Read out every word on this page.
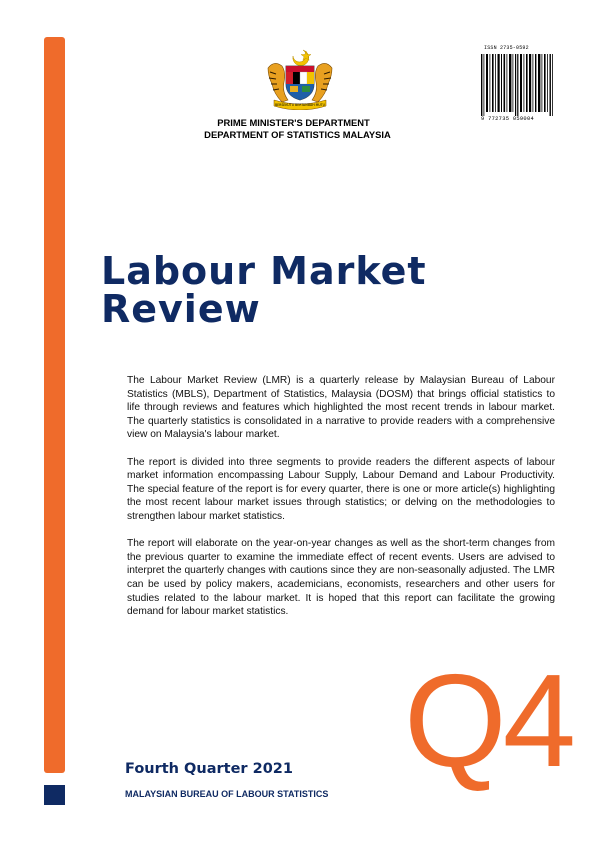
BERSEKUTU BERTAMBAH MUTU
ISSN 2735-0592
9 772735 059004
PRIME MINISTER'S DEPARTMENT
DEPARTMENT OF STATISTICS MALAYSIA
Labour Market
Review

The Labour Market Review (LMR) is a quarterly release by Malaysian Bureau of Labour Statistics (MBLS), Department of Statistics, Malaysia (DOSM) that brings official statistics to life through reviews and features which highlighted the most recent trends in labour market. The quarterly statistics is consolidated in a narrative to provide readers with a comprehensive view on Malaysia's labour market.

The report is divided into three segments to provide readers the different aspects of labour market information encompassing Labour Supply, Labour Demand and Labour Productivity. The special feature of the report is for every quarter, there is one or more article(s) highlighting the most recent labour market issues through statistics; or delving on the methodologies to strengthen labour market statistics.

The report will elaborate on the year-on-year changes as well as the short-term changes from the previous quarter to examine the immediate effect of recent events. Users are advised to interpret the quarterly changes with cautions since they are non-seasonally adjusted. The LMR can be used by policy makers, academicians, economists, researchers and other users for studies related to the labour market. It is hoped that this report can facilitate the growing demand for labour market statistics.

Q4
Fourth Quarter 2021
MALAYSIAN BUREAU OF LABOUR STATISTICS
